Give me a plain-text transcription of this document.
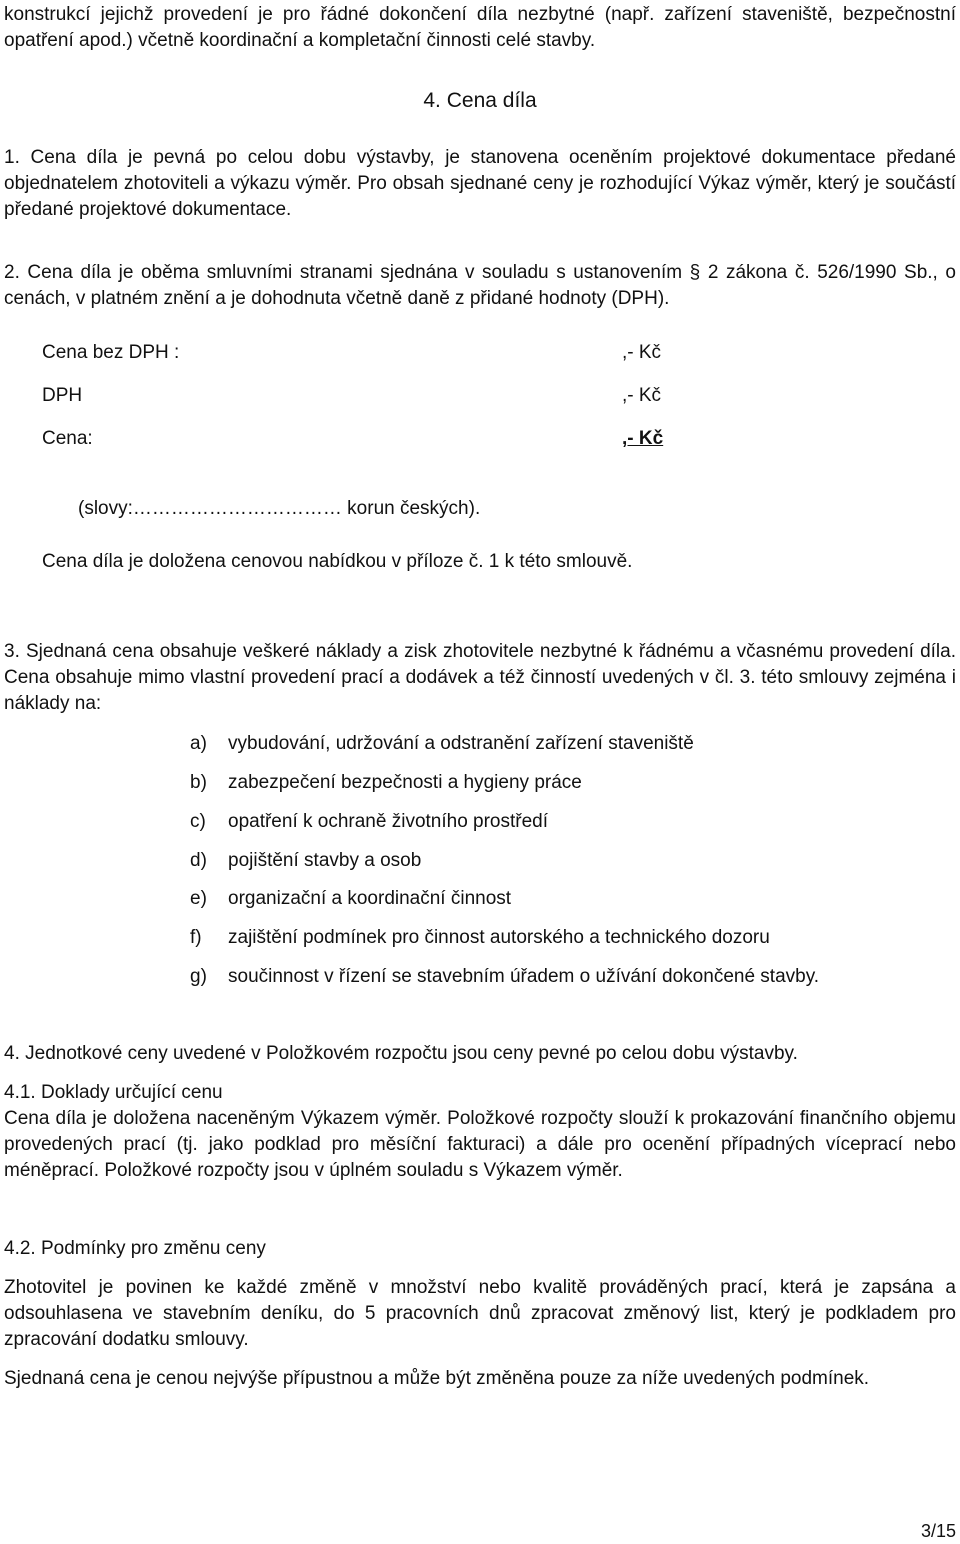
konstrukcí jejichž provedení je pro řádné dokončení díla nezbytné (např. zařízení staveniště, bezpečnostní opatření apod.) včetně koordinační a kompletační činnosti celé stavby.

4. Cena díla

1. Cena díla je pevná po celou dobu výstavby, je stanovena oceněním projektové dokumentace předané objednatelem zhotoviteli a výkazu výměr. Pro obsah sjednané ceny je rozhodující Výkaz výměr, který je součástí předané projektové dokumentace.

2. Cena díla je oběma smluvními stranami sjednána v souladu s ustanovením § 2 zákona č. 526/1990 Sb., o cenách, v platném znění a je dohodnuta včetně daně z přidané hodnoty (DPH).

Cena bez DPH :	,- Kč
DPH	,- Kč
Cena:	,- Kč
(slovy:…………………………… korun českých).
Cena díla je doložena cenovou nabídkou v příloze č. 1 k této smlouvě.

3. Sjednaná cena obsahuje veškeré náklady a zisk zhotovitele nezbytné k řádnému a včasnému provedení díla. Cena obsahuje mimo vlastní provedení prací a dodávek a též činností uvedených v čl. 3. této smlouvy zejména i náklady na:

a)	vybudování, udržování a odstranění zařízení staveniště
b)	zabezpečení bezpečnosti a hygieny práce
c)	opatření k ochraně životního prostředí
d)	pojištění stavby a osob
e)	organizační a koordinační činnost
f)	zajištění podmínek pro činnost autorského a technického dozoru
g)	součinnost v řízení se stavebním úřadem o užívání dokončené stavby.
4. Jednotkové ceny uvedené v Položkovém rozpočtu jsou ceny pevné po celou dobu výstavby.
4.1. Doklady určující cenu

Cena díla je doložena naceněným Výkazem výměr. Položkové rozpočty slouží k prokazování finančního objemu provedených prací (tj. jako podklad pro měsíční fakturaci) a dále pro ocenění případných víceprací nebo méněprací. Položkové rozpočty jsou v úplném souladu s Výkazem výměr.

4.2. Podmínky pro změnu ceny

Zhotovitel je povinen ke každé změně v množství nebo kvalitě prováděných prací, která je zapsána a odsouhlasena ve stavebním deníku, do 5 pracovních dnů zpracovat změnový list, který je podkladem pro zpracování dodatku smlouvy.

Sjednaná cena je cenou nejvýše přípustnou a může být změněna pouze za níže uvedených podmínek.

3/15
